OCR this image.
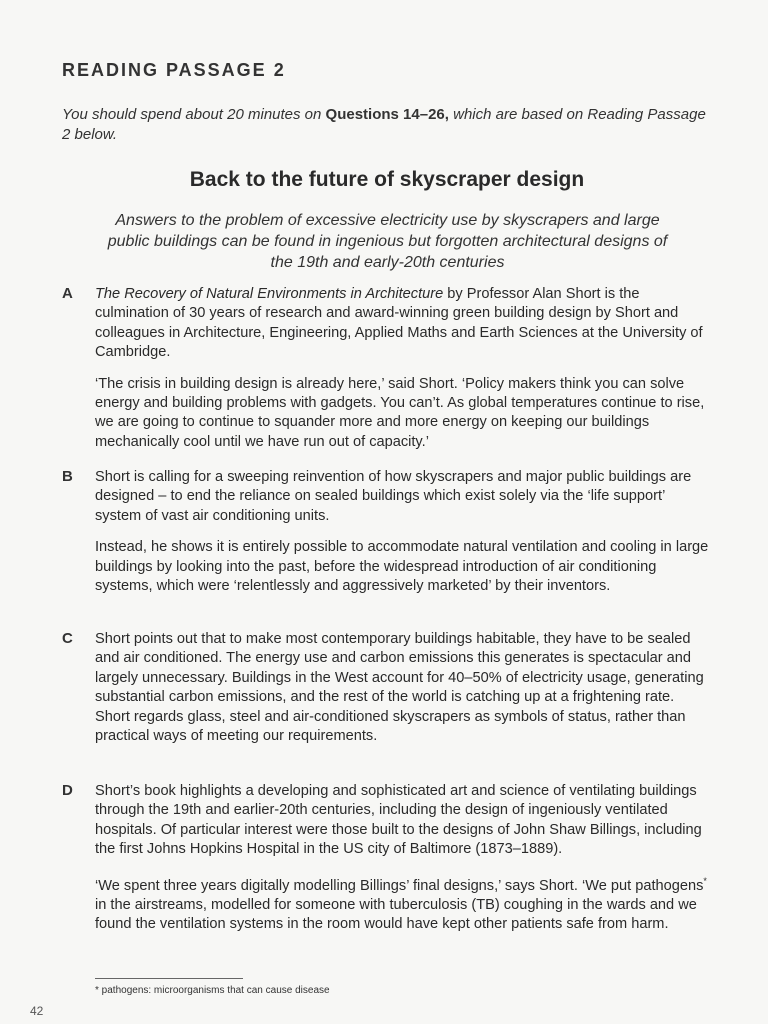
READING PASSAGE 2
You should spend about 20 minutes on Questions 14–26, which are based on Reading Passage 2 below.
Back to the future of skyscraper design
Answers to the problem of excessive electricity use by skyscrapers and large public buildings can be found in ingenious but forgotten architectural designs of the 19th and early-20th centuries
A The Recovery of Natural Environments in Architecture by Professor Alan Short is the culmination of 30 years of research and award-winning green building design by Short and colleagues in Architecture, Engineering, Applied Maths and Earth Sciences at the University of Cambridge.

‘The crisis in building design is already here,’ said Short. ‘Policy makers think you can solve energy and building problems with gadgets. You can’t. As global temperatures continue to rise, we are going to continue to squander more and more energy on keeping our buildings mechanically cool until we have run out of capacity.’

B Short is calling for a sweeping reinvention of how skyscrapers and major public buildings are designed – to end the reliance on sealed buildings which exist solely via the ‘life support’ system of vast air conditioning units.

Instead, he shows it is entirely possible to accommodate natural ventilation and cooling in large buildings by looking into the past, before the widespread introduction of air conditioning systems, which were ‘relentlessly and aggressively marketed’ by their inventors.

C Short points out that to make most contemporary buildings habitable, they have to be sealed and air conditioned. The energy use and carbon emissions this generates is spectacular and largely unnecessary. Buildings in the West account for 40–50% of electricity usage, generating substantial carbon emissions, and the rest of the world is catching up at a frightening rate. Short regards glass, steel and air-conditioned skyscrapers as symbols of status, rather than practical ways of meeting our requirements.

D Short’s book highlights a developing and sophisticated art and science of ventilating buildings through the 19th and earlier-20th centuries, including the design of ingeniously ventilated hospitals. Of particular interest were those built to the designs of John Shaw Billings, including the first Johns Hopkins Hospital in the US city of Baltimore (1873–1889).

‘We spent three years digitally modelling Billings’ final designs,’ says Short. ‘We put pathogens* in the airstreams, modelled for someone with tuberculosis (TB) coughing in the wards and we found the ventilation systems in the room would have kept other patients safe from harm.

* pathogens: microorganisms that can cause disease
42
